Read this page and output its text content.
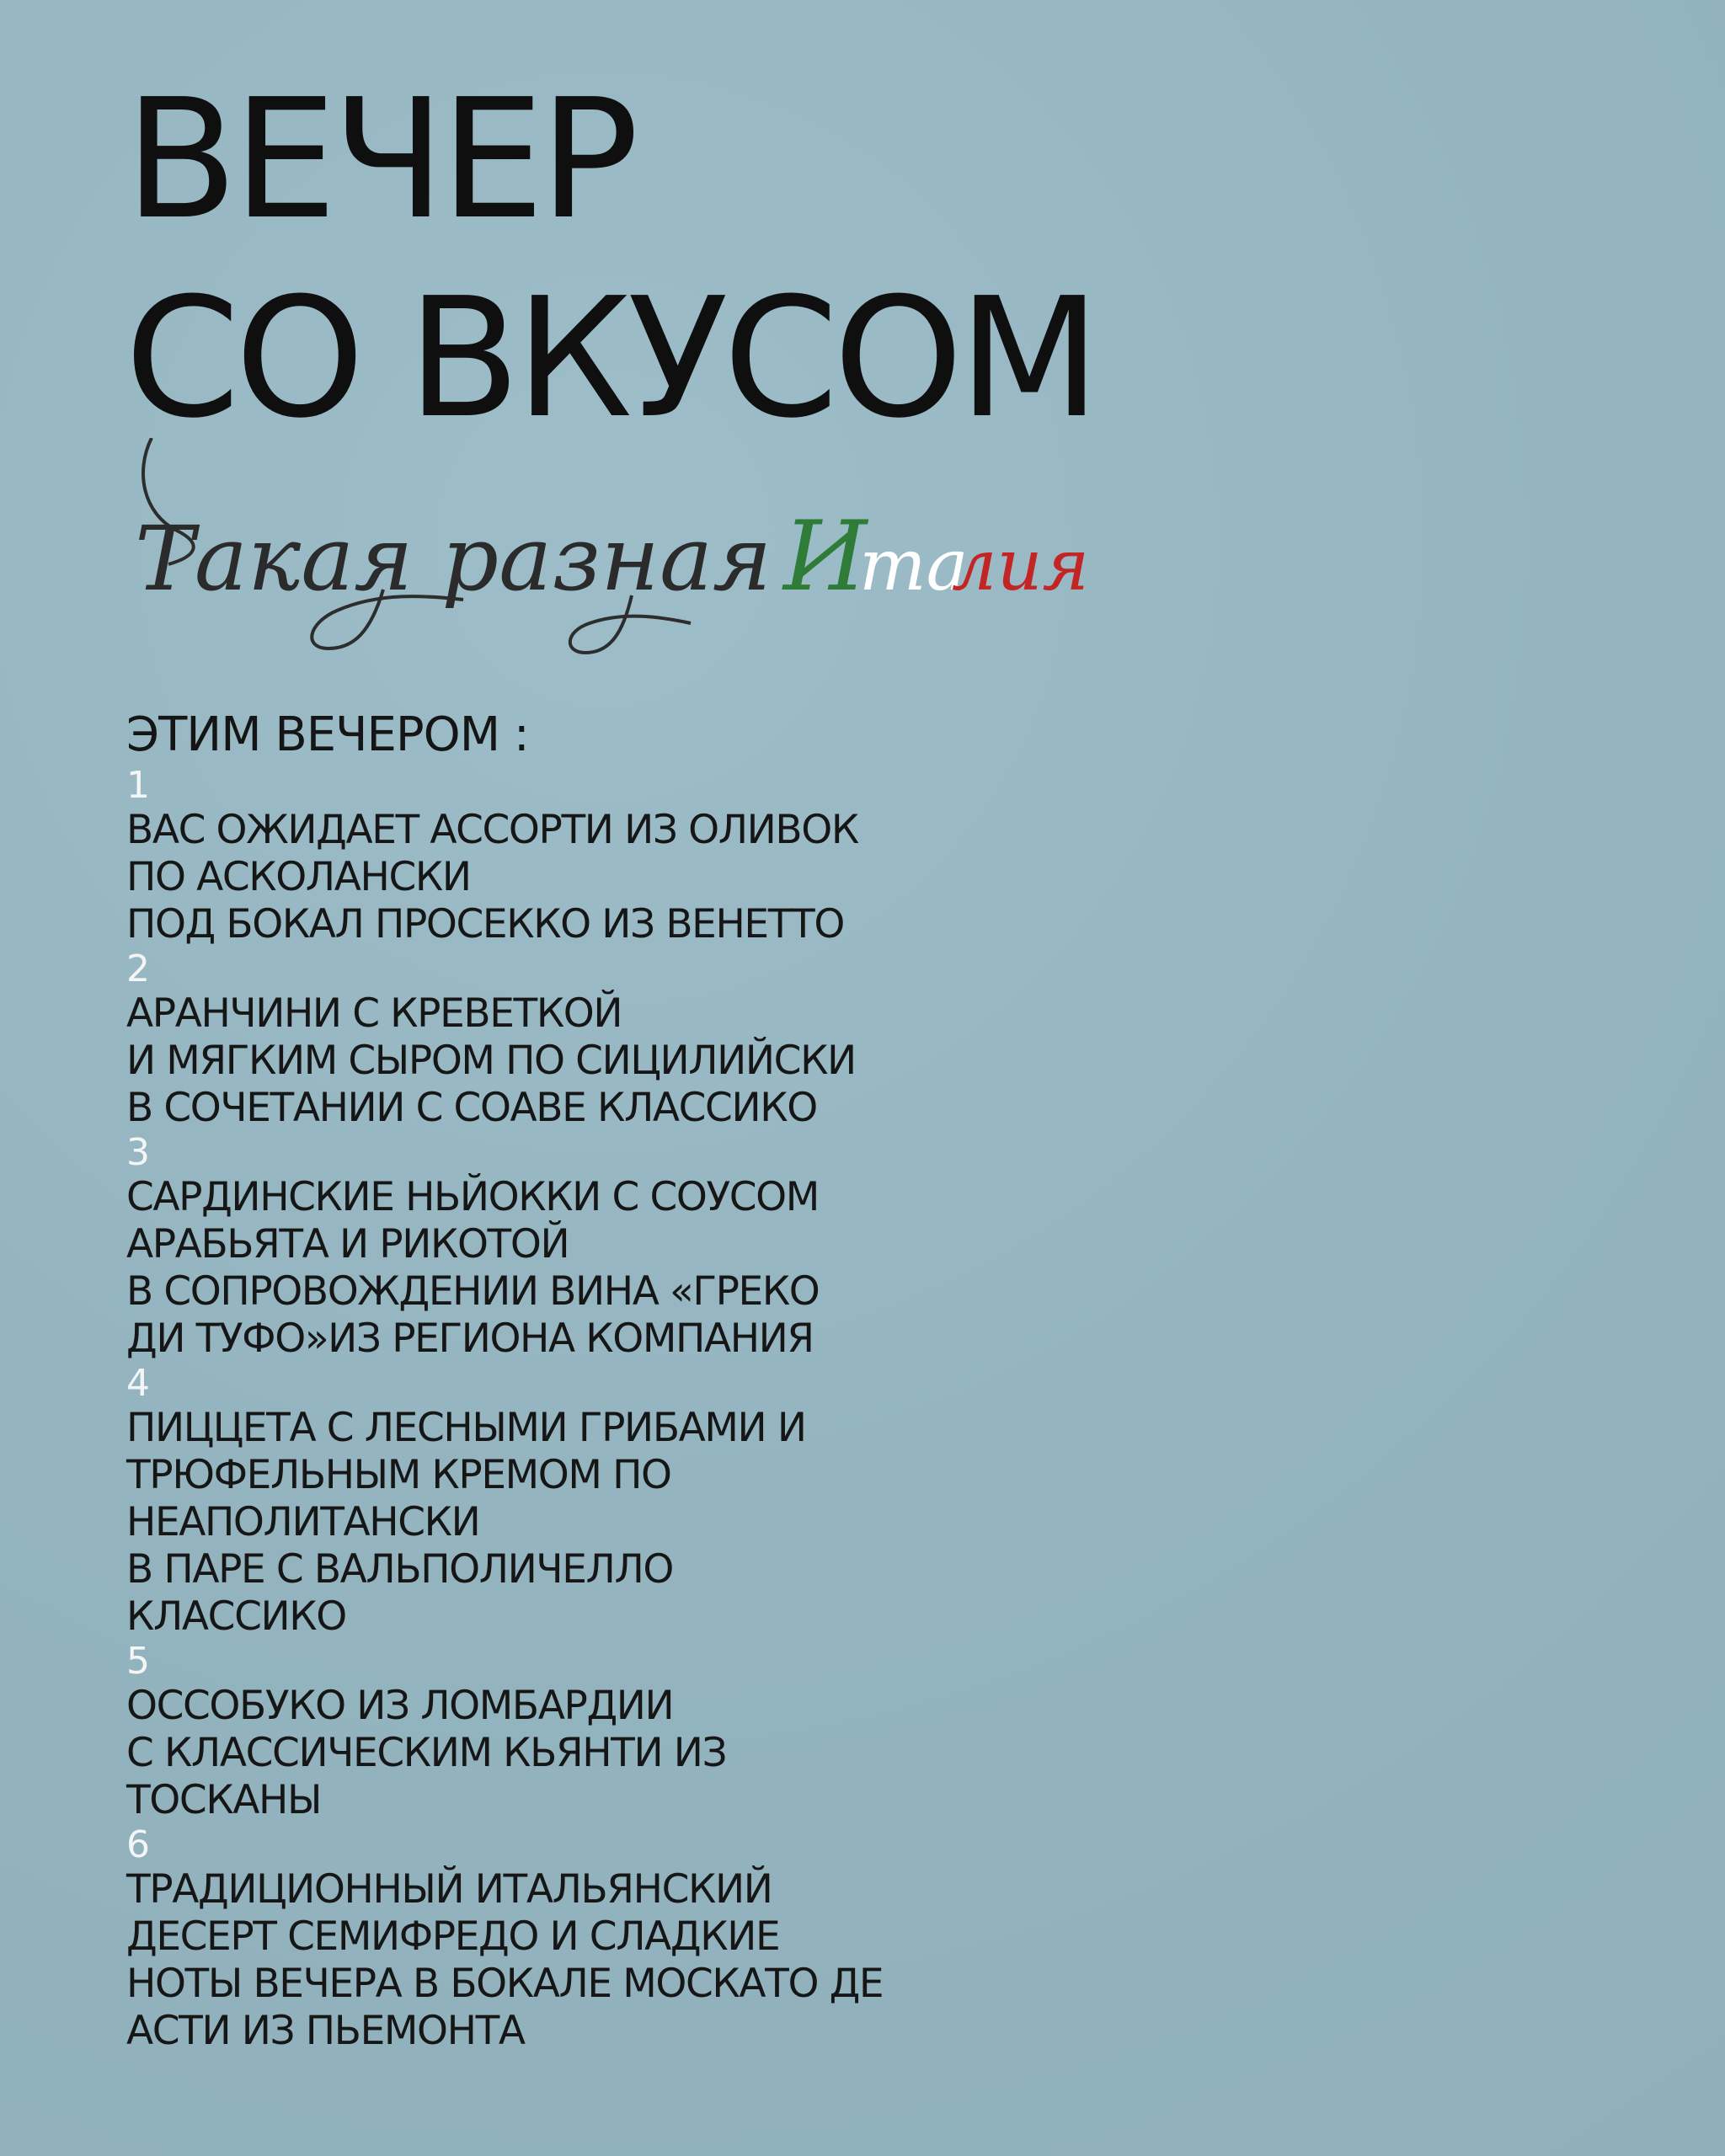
ВЕЧЕР
СО ВКУСОМ
Такая разная И
та
лия
ЭТИМ ВЕЧЕРОМ :
1
ВАС ОЖИДАЕТ АССОРТИ ИЗ ОЛИВОК
ПО АСКОЛАНСКИ
ПОД БОКАЛ ПРОСЕККО ИЗ ВЕНЕТТО
2
АРАНЧИНИ С КРЕВЕТКОЙ
И МЯГКИМ СЫРОМ ПО СИЦИЛИЙСКИ
В СОЧЕТАНИИ С СОАВЕ КЛАССИКО
3
САРДИНСКИЕ НЬЙОККИ С СОУСОМ
АРАБЬЯТА И РИКОТОЙ
В СОПРОВОЖДЕНИИ ВИНА «ГРЕКО
ДИ ТУФО»ИЗ РЕГИОНА КОМПАНИЯ
4
ПИЦЦЕТА С ЛЕСНЫМИ ГРИБАМИ И
ТРЮФЕЛЬНЫМ КРЕМОМ ПО
НЕАПОЛИТАНСКИ
В ПАРЕ С ВАЛЬПОЛИЧЕЛЛО
КЛАССИКО
5
ОССОБУКО ИЗ ЛОМБАРДИИ
С КЛАССИЧЕСКИМ КЬЯНТИ ИЗ
ТОСКАНЫ
6
ТРАДИЦИОННЫЙ ИТАЛЬЯНСКИЙ
ДЕСЕРТ СЕМИФРЕДО И СЛАДКИЕ
НОТЫ ВЕЧЕРА В БОКАЛЕ МОСКАТО ДЕ
АСТИ ИЗ ПЬЕМОНТА
